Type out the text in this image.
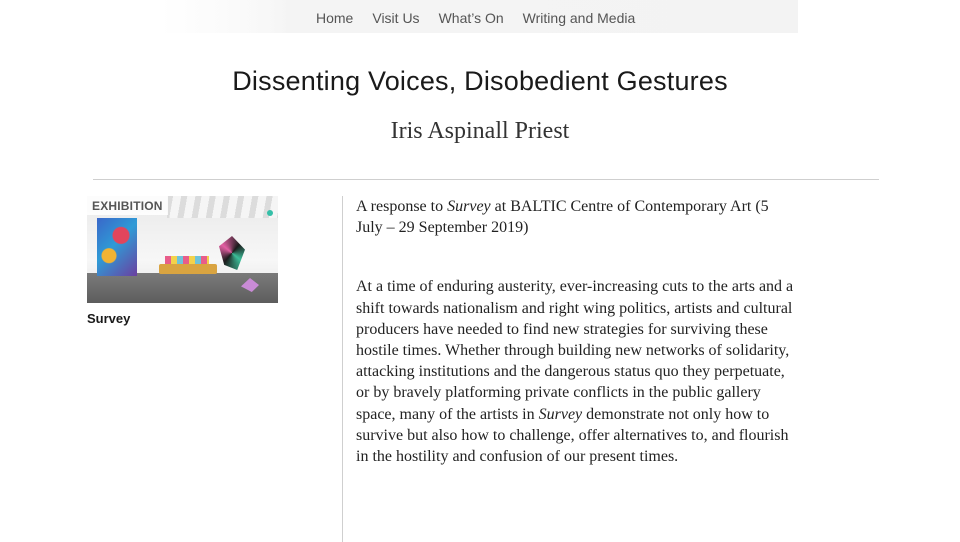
Home Visit Us What’s On Writing and Media
Dissenting Voices, Disobedient Gestures
Iris Aspinall Priest
EXHIBITION
Survey

A response to Survey at BALTIC Centre of Contemporary Art (5 July – 29 September 2019)

At a time of enduring austerity, ever-increasing cuts to the arts and a shift towards nationalism and right wing politics, artists and cultural producers have needed to find new strategies for surviving these hostile times. Whether through building new networks of solidarity, attacking institutions and the dangerous status quo they perpetuate, or by bravely platforming private conflicts in the public gallery space, many of the artists in Survey demonstrate not only how to survive but also how to challenge, offer alternatives to, and flourish in the hostility and confusion of our present times.
